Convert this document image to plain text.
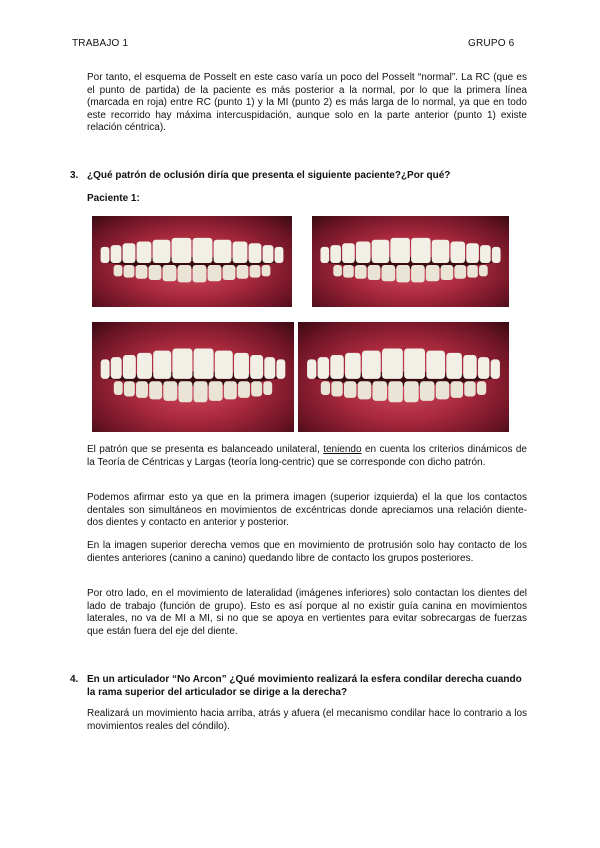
TRABAJO 1	GRUPO 6

Por tanto, el esquema de Posselt en este caso varía un poco del Posselt “normal”. La RC (que es el punto de partida) de la paciente es más posterior a la normal, por lo que la primera línea (marcada en roja) entre RC (punto 1) y la MI (punto 2) es más larga de lo normal, ya que en todo este recorrido hay máxima intercuspidación, aunque solo en la parte anterior (punto 1) existe relación céntrica).

3. ¿Qué patrón de oclusión diría que presenta el siguiente paciente?¿Por qué?
Paciente 1:

El patrón que se presenta es balanceado unilateral, teniendo en cuenta los criterios dinámicos de la Teoría de Céntricas y Largas (teoría long-centric) que se corresponde con dicho patrón.

Podemos afirmar esto ya que en la primera imagen (superior izquierda) el la que los contactos dentales son simultáneos en movimientos de excéntricas donde apreciamos una relación diente-dos dientes y contacto en anterior y posterior.

En la imagen superior derecha vemos que en movimiento de protrusión solo hay contacto de los dientes anteriores (canino a canino) quedando libre de contacto los grupos posteriores.

Por otro lado, en el movimiento de lateralidad (imágenes inferiores) solo contactan los dientes del lado de trabajo (función de grupo). Esto es así porque al no existir guía canina en movimientos laterales, no va de MI a MI, si no que se apoya en vertientes para evitar sobrecargas de fuerzas que están fuera del eje del diente.

4. En un articulador “No Arcon” ¿Qué movimiento realizará la esfera condilar derecha cuando la rama superior del articulador se dirige a la derecha?

Realizará un movimiento hacia arriba, atrás y afuera (el mecanismo condilar hace lo contrario a los movimientos reales del cóndilo).
